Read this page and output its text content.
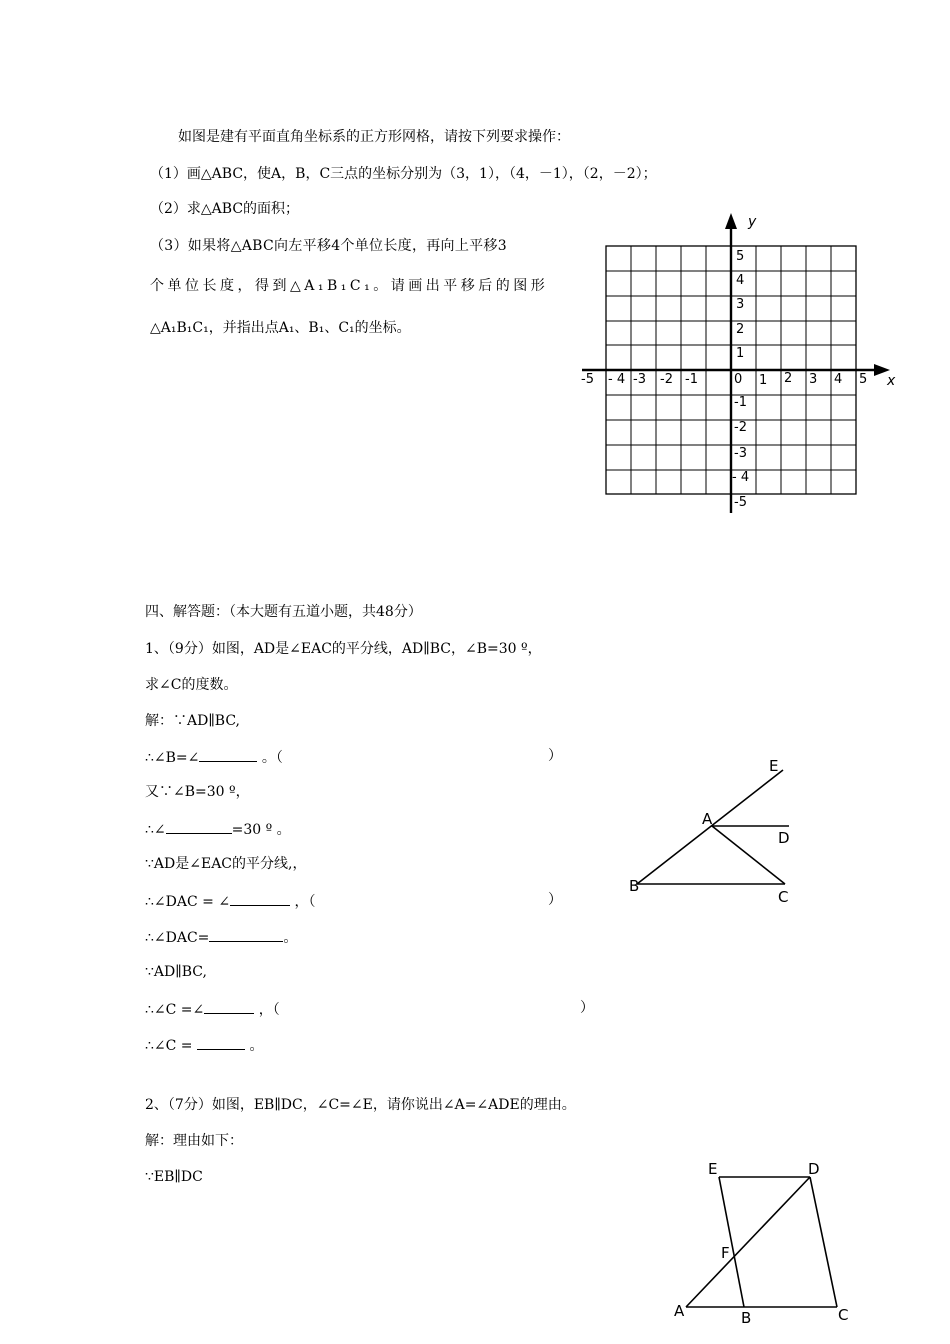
如图是建有平面直角坐标系的正方形网格，请按下列要求操作：
（1）画△ABC，使A，B，C三点的坐标分别为（3，1），（4，－1），（2，－2）；
（2）求△ABC的面积；
（3）如果将△ABC向左平移4个单位长度，再向上平移3
个单位长度，得到△A₁B₁C₁。请画出平移后的图形
△A₁B₁C₁，并指出点A₁、B₁、C₁的坐标。
x
y
-5 - 4 -3 -2 -1	0 1 2 3 4 5
5
4
3
2
1
-1
-2
-3
- 4
-5
四、解答题：（本大题有五道小题，共48分）
1、（9分）如图，AD是∠EAC的平分线，AD∥BC，∠B=30 º，
求∠C的度数。
解：∵AD∥BC,
∴∠B=∠	。（	）
又∵∠B=30 º，
∴∠	=30 º 。
∵AD是∠EAC的平分线,，
∴∠DAC = ∠	，（	）
∴∠DAC=	。
∵AD∥BC,
∴∠C =∠	，（	）
∴∠C =	。
E
A
D
B
C
2、（7分）如图，EB∥DC，∠C=∠E，请你说出∠A=∠ADE的理由。
解：理由如下：
∵EB∥DC	E	D
F
A	B	C
